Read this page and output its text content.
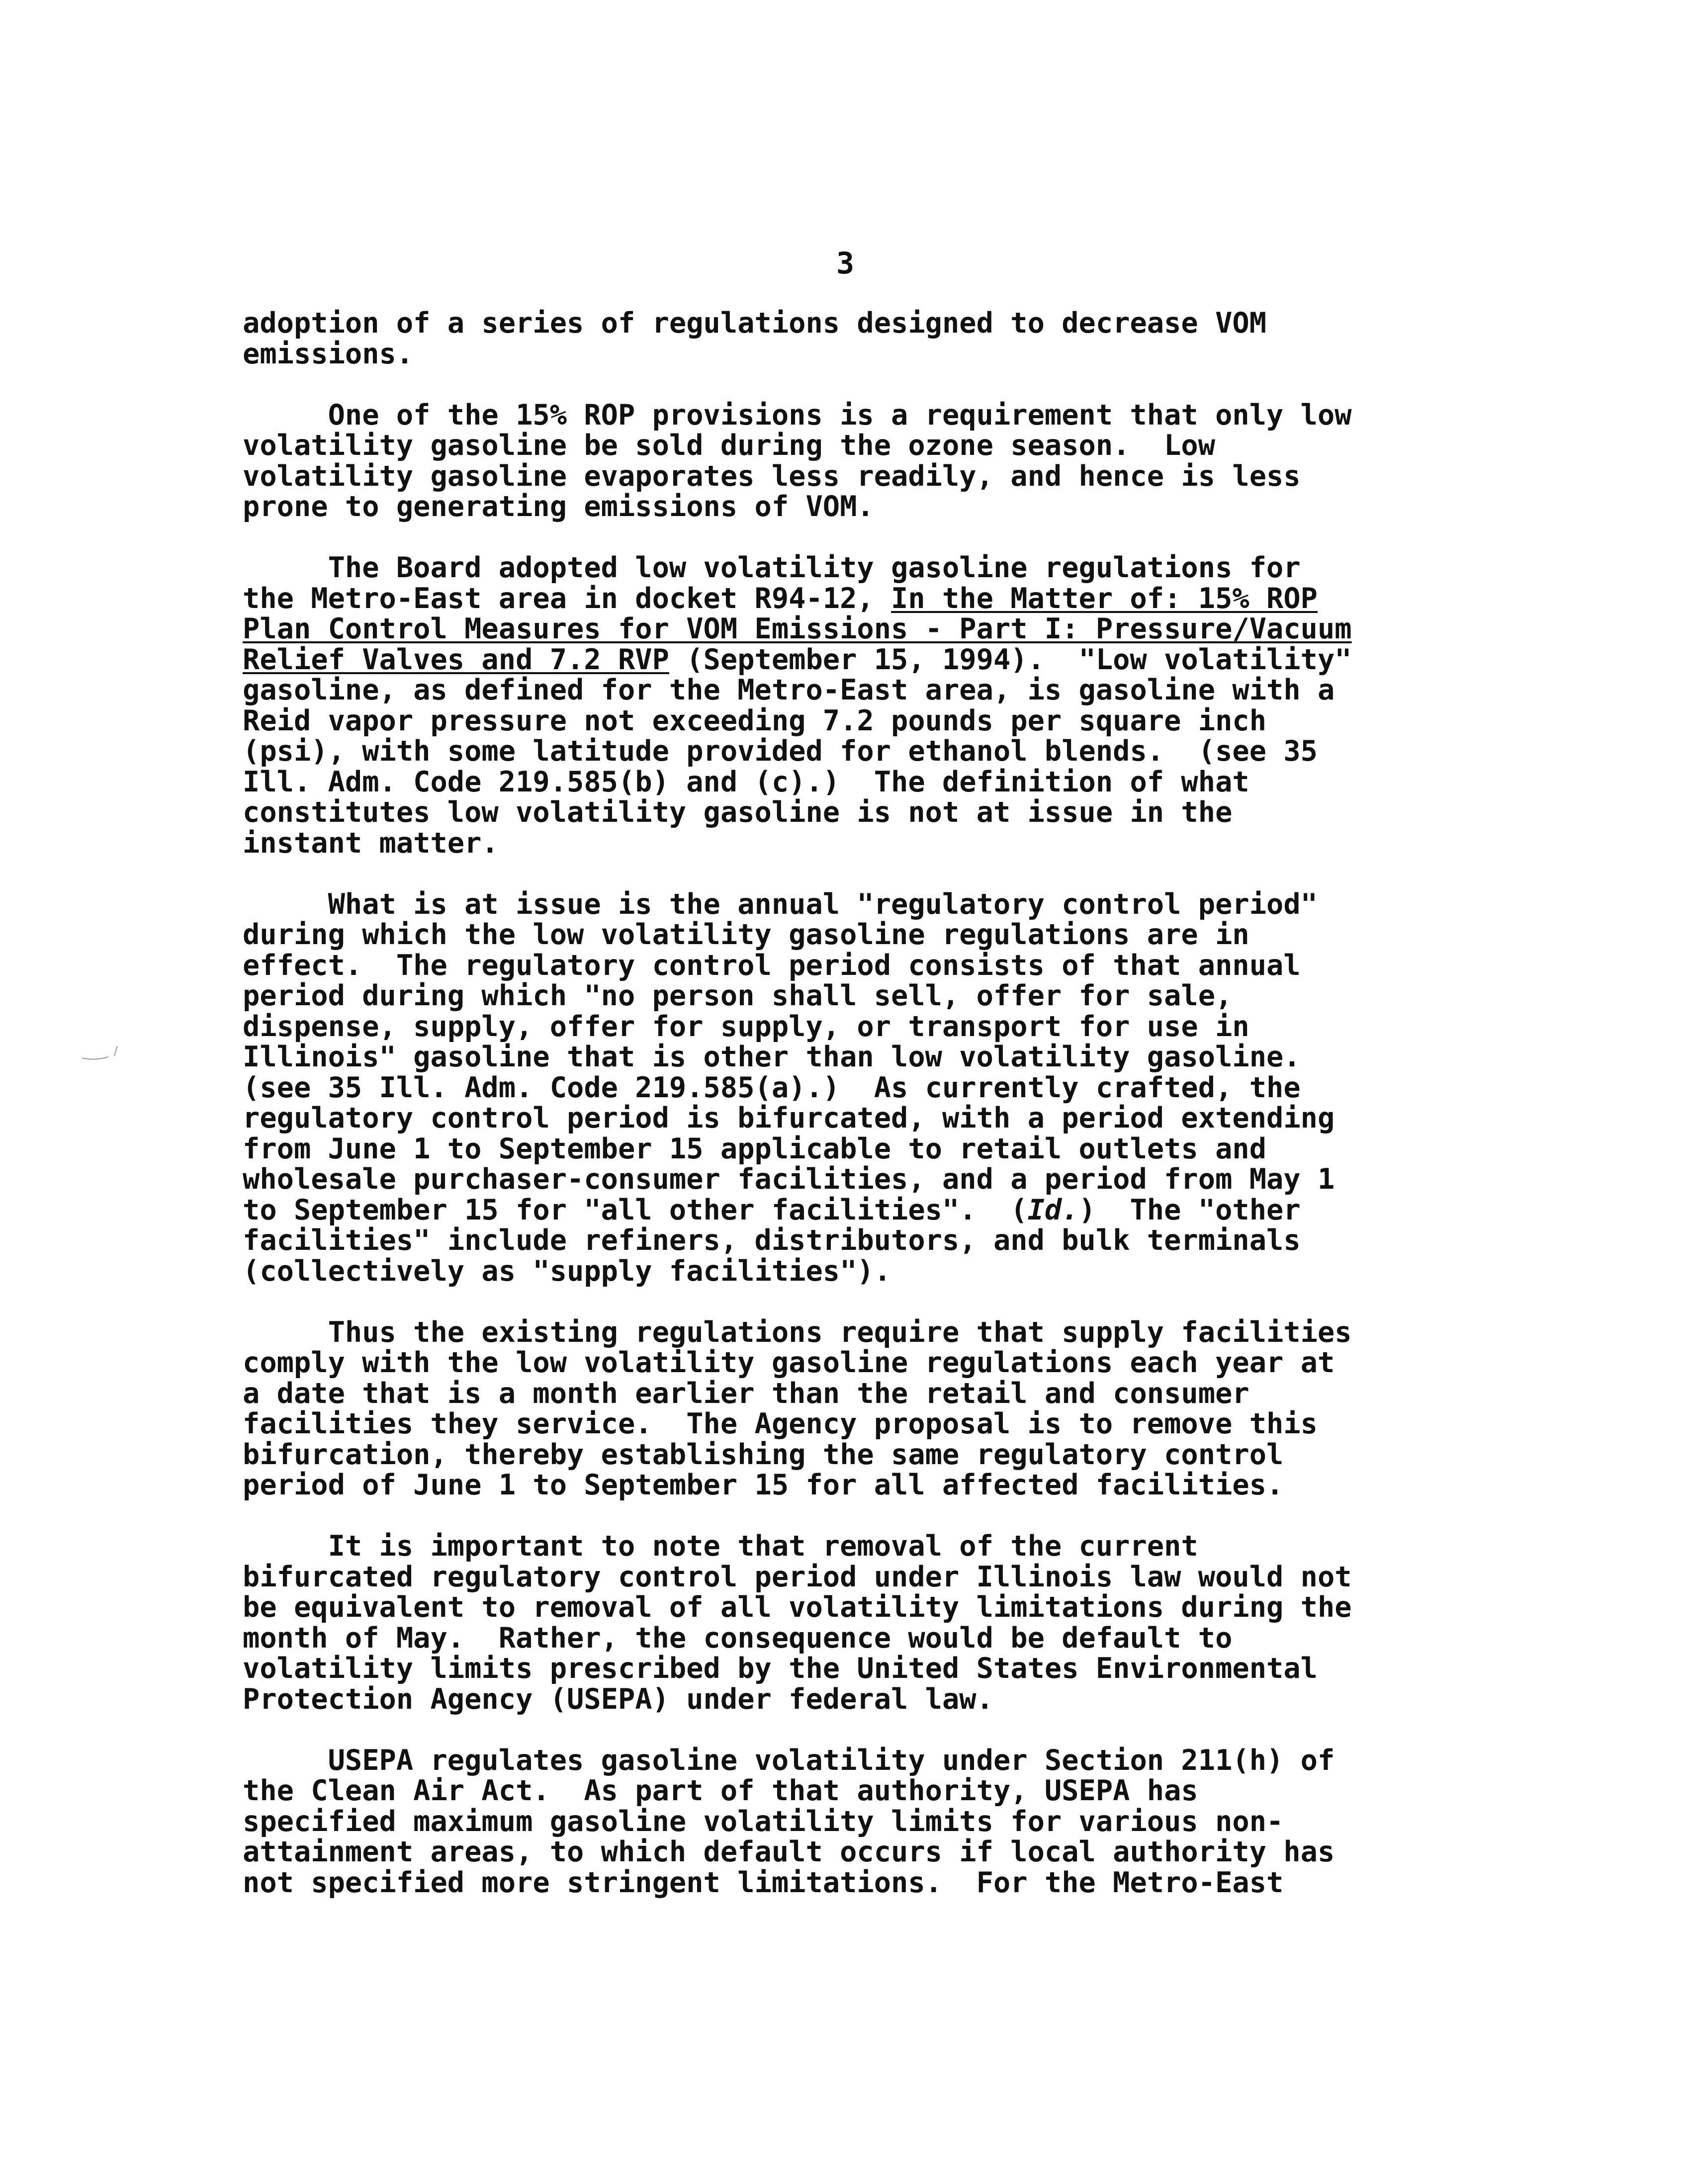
3
adoption of a series of regulations designed to decrease VOM
emissions.
One of the 15% ROP provisions is a requirement that only low
volatility gasoline be sold during the ozone season.  Low
volatility gasoline evaporates less readily, and hence is less
prone to generating emissions of VOM.
The Board adopted low volatility gasoline regulations for
the Metro-East area in docket R94-12, In the Matter of: 15% ROP
Plan Control Measures for VOM Emissions - Part I: Pressure/Vacuum
Relief Valves and 7.2 RVP (September 15, 1994).  "Low volatility"
gasoline, as defined for the Metro-East area, is gasoline with a
Reid vapor pressure not exceeding 7.2 pounds per square inch
(psi), with some latitude provided for ethanol blends.  (see 35
Ill. Adm. Code 219.585(b) and (c).)  The definition of what
constitutes low volatility gasoline is not at issue in the
instant matter.
What is at issue is the annual "regulatory control period"
during which the low volatility gasoline regulations are in
effect.  The regulatory control period consists of that annual
period during which "no person shall sell, offer for sale,
dispense, supply, offer for supply, or transport for use in
Illinois" gasoline that is other than low volatility gasoline.
(see 35 Ill. Adm. Code 219.585(a).)  As currently crafted, the
regulatory control period is bifurcated, with a period extending
from June 1 to September 15 applicable to retail outlets and
wholesale purchaser-consumer facilities, and a period from May 1
to September 15 for "all other facilities".  (Id.)  The "other
facilities" include refiners, distributors, and bulk terminals
(collectively as "supply facilities").
Thus the existing regulations require that supply facilities
comply with the low volatility gasoline regulations each year at
a date that is a month earlier than the retail and consumer
facilities they service.  The Agency proposal is to remove this
bifurcation, thereby establishing the same regulatory control
period of June 1 to September 15 for all affected facilities.
It is important to note that removal of the current
bifurcated regulatory control period under Illinois law would not
be equivalent to removal of all volatility limitations during the
month of May.  Rather, the consequence would be default to
volatility limits prescribed by the United States Environmental
Protection Agency (USEPA) under federal law.
USEPA regulates gasoline volatility under Section 211(h) of
the Clean Air Act.  As part of that authority, USEPA has
specified maximum gasoline volatility limits for various non-
attainment areas, to which default occurs if local authority has
not specified more stringent limitations.  For the Metro-East
